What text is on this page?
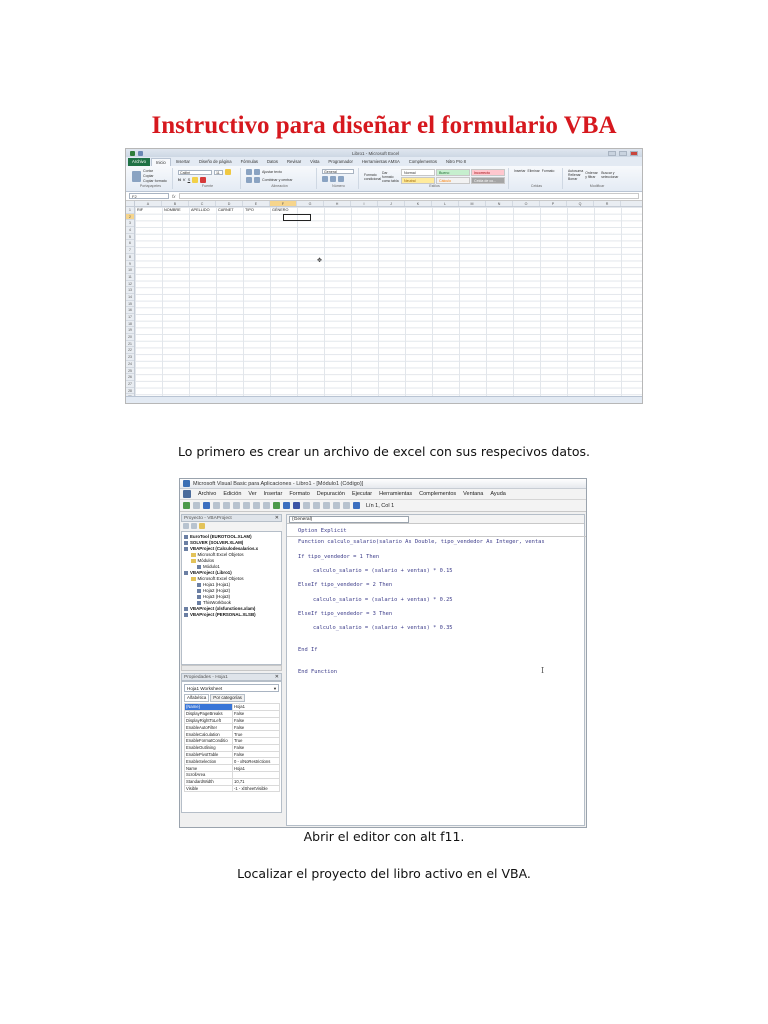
Instructivo para diseñar el formulario VBA
Libro1 - Microsoft Excel
Archivo	Inicio	Insertar	Diseño de página	Fórmulas	Datos	Revisar	Vista	Programador	Herramientas AMSA	Complementos	Nitro Pro 8
Cortar
Copiar
Copiar formato
Portapapeles
Calibri	11
N K S
Fuente
Ajustar texto
Combinar y centrar
Alineación
General
Número
Formato condicional
Dar formato como tabla
Normal	Bueno	Incorrecto
Neutral	Cálculo	Celda de co...
Estilos
Insertar Eliminar Formato
Celdas
Autosuma
Rellenar
Borrar
Ordenar y filtrar
Buscar y seleccionar
Modificar
F2	fx
A	B	C	D	E	F	G	H	I	J	K	L	M	N	O	P	Q	R
1
2
3
4
5
6
7
8
9
10
11
12
13
14
15
16
17
18
19
20
21
22
23
24
25
26
27
28
✥
RIF	NOMBRE	APELLIDO	CARNET	TIPO	GÉNERO
Lo primero es crear un archivo de excel con sus respecivos datos.
Microsoft Visual Basic para Aplicaciones - Libro1 - [Módulo1 (Código)]
Archivo Edición Ver Insertar Formato Depuración Ejecutar Herramientas Complementos Ventana Ayuda
Lín 1, Col 1
Proyecto - VBAProject	✕
EuroTool (EUROTOOL.XLAM)
SOLVER (SOLVER.XLAM)
VBAProject (Calculodesalarios.x
Microsoft Excel Objetos
Módulos
Módulo1
VBAProject (Libro1)
Microsoft Excel Objetos
Hoja1 (Hoja1)
Hoja2 (Hoja2)
Hoja3 (Hoja3)
ThisWorkbook
VBAProject (xlsfunctions.xlam)
VBAProject (PERSONAL.XLSB)
Propiedades - Hoja1	✕
Hoja1 Worksheet	▼
Alfabética	Por categorías
(Name)	Hoja1
DisplayPageBreaks	False
DisplayRightToLeft	False
EnableAutoFilter	False
EnableCalculation	True
EnableFormatConditio	True
EnableOutlining	False
EnablePivotTable	False
EnableSelection	0 - xlNoRestrictions
Name	Hoja1
ScrollArea	
StandardWidth	10,71
Visible	-1 - xlSheetVisible
(General)
Option Explicit
Function calculo_salario(salario As Double, tipo_vendedor As Integer, ventas
If tipo_vendedor = 1 Then
calculo_salario = (salario + ventas) * 0.15
ElseIf tipo_vendedor = 2 Then
calculo_salario = (salario + ventas) * 0.25
ElseIf tipo_vendedor = 3 Then
calculo_salario = (salario + ventas) * 0.35
End If
End Function	I
Abrir el editor con alt f11.
Localizar el proyecto del libro activo en el VBA.
